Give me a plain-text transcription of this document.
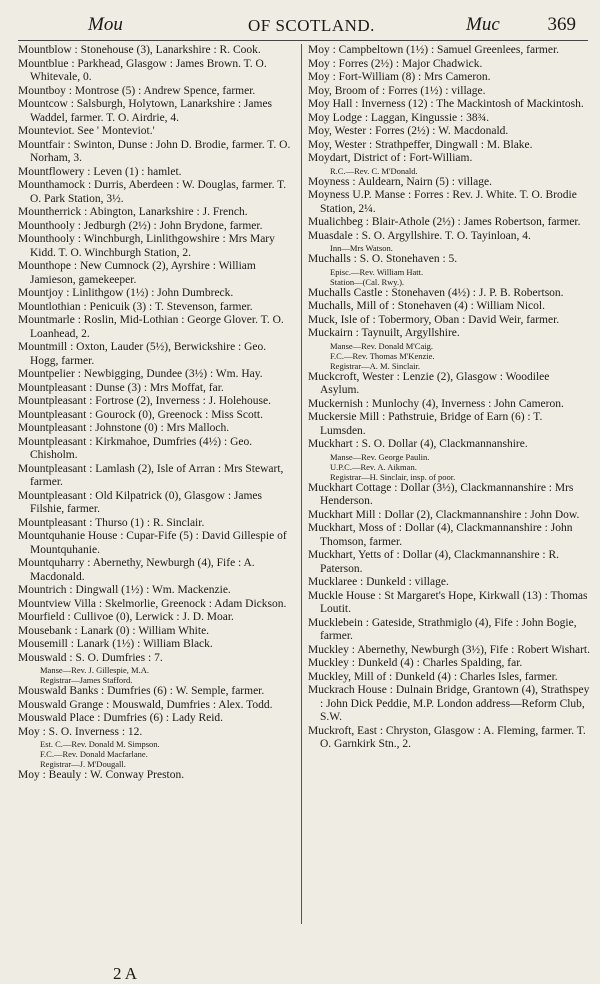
Mou	OF SCOTLAND.	Muc	369

Mountblow : Stonehouse (3), Lanarkshire : R. Cook.

Mountblue : Parkhead, Glasgow : James Brown. T. O. Whitevale, 0.

Mountboy : Montrose (5) : Andrew Spence, farmer.

Mountcow : Salsburgh, Holytown, Lanarkshire : James Waddel, farmer. T. O. Airdrie, 4.

Mounteviot. See ' Monteviot.'

Mountfair : Swinton, Dunse : John D. Brodie, farmer. T. O. Norham, 3.

Mountflowery : Leven (1) : hamlet.

Mounthamock : Durris, Aberdeen : W. Douglas, farmer. T. O. Park Station, 3½.

Mountherrick : Abington, Lanarkshire : J. French.

Mounthooly : Jedburgh (2½) : John Brydone, farmer.

Mounthooly : Winchburgh, Linlithgowshire : Mrs Mary Kidd. T. O. Winchburgh Station, 2.

Mounthope : New Cumnock (2), Ayrshire : William Jamieson, gamekeeper.

Mountjoy : Linlithgow (1½) : John Dumbreck.

Mountlothian : Penicuik (3) : T. Stevenson, farmer.

Mountmarle : Roslin, Mid-Lothian : George Glover. T. O. Loanhead, 2.

Mountmill : Oxton, Lauder (5½), Berwickshire : Geo. Hogg, farmer.

Mountpelier : Newbigging, Dundee (3½) : Wm. Hay.

Mountpleasant : Dunse (3) : Mrs Moffat, far.

Mountpleasant : Fortrose (2), Inverness : J. Holehouse.

Mountpleasant : Gourock (0), Greenock : Miss Scott.

Mountpleasant : Johnstone (0) : Mrs Malloch.

Mountpleasant : Kirkmahoe, Dumfries (4½) : Geo. Chisholm.

Mountpleasant : Lamlash (2), Isle of Arran : Mrs Stewart, farmer.

Mountpleasant : Old Kilpatrick (0), Glasgow : James Filshie, farmer.

Mountpleasant : Thurso (1) : R. Sinclair.

Mountquhanie House : Cupar-Fife (5) : David Gillespie of Mountquhanie.

Mountquharry : Abernethy, Newburgh (4), Fife : A. Macdonald.

Mountrich : Dingwall (1½) : Wm. Mackenzie.

Mountview Villa : Skelmorlie, Greenock : Adam Dickson.

Mourfield : Cullivoe (0), Lerwick : J. D. Moar.

Mousebank : Lanark (0) : William White.

Mousemill : Lanark (1½) : William Black.

Mouswald : S. O. Dumfries : 7.

Manse—Rev. J. Gillespie, M.A.

Registrar—James Stafford.

Mouswald Banks : Dumfries (6) : W. Semple, farmer.

Mouswald Grange : Mouswald, Dumfries : Alex. Todd.

Mouswald Place : Dumfries (6) : Lady Reid.

Moy : S. O. Inverness : 12.

Est. C.—Rev. Donald M. Simpson.

F.C.—Rev. Donald Macfarlane.

Registrar—J. M'Dougall.

Moy : Beauly : W. Conway Preston.

Moy : Campbeltown (1½) : Samuel Greenlees, farmer.

Moy : Forres (2½) : Major Chadwick.

Moy : Fort-William (8) : Mrs Cameron.

Moy, Broom of : Forres (1½) : village.

Moy Hall : Inverness (12) : The Mackintosh of Mackintosh.

Moy Lodge : Laggan, Kingussie : 38¾.

Moy, Wester : Forres (2½) : W. Macdonald.

Moy, Wester : Strathpeffer, Dingwall : M. Blake.

Moydart, District of : Fort-William.

R.C.—Rev. C. M'Donald.

Moyness : Auldearn, Nairn (5) : village.

Moyness U.P. Manse : Forres : Rev. J. White. T. O. Brodie Station, 2¼.

Mualichbeg : Blair-Athole (2½) : James Robertson, farmer.

Muasdale : S. O. Argyllshire. T. O. Tayinloan, 4.

Inn—Mrs Watson.

Muchalls : S. O. Stonehaven : 5.

Episc.—Rev. William Hatt.

Station—(Cal. Rwy.).

Muchalls Castle : Stonehaven (4½) : J. P. B. Robertson.

Muchalls, Mill of : Stonehaven (4) : William Nicol.

Muck, Isle of : Tobermory, Oban : David Weir, farmer.

Muckairn : Taynuilt, Argyllshire.

Manse—Rev. Donald M'Caig.

F.C.—Rev. Thomas M'Kenzie.

Registrar—A. M. Sinclair.

Muckcroft, Wester : Lenzie (2), Glasgow : Woodilee Asylum.

Muckernish : Munlochy (4), Inverness : John Cameron.

Muckersie Mill : Pathstruie, Bridge of Earn (6) : T. Lumsden.

Muckhart : S. O. Dollar (4), Clackmannanshire.

Manse—Rev. George Paulin.

U.P.C.—Rev. A. Aikman.

Registrar—H. Sinclair, insp. of poor.

Muckhart Cottage : Dollar (3½), Clackmannanshire : Mrs Henderson.

Muckhart Mill : Dollar (2), Clackmannanshire : John Dow.

Muckhart, Moss of : Dollar (4), Clackmannanshire : John Thomson, farmer.

Muckhart, Yetts of : Dollar (4), Clackmannanshire : R. Paterson.

Mucklaree : Dunkeld : village.

Muckle House : St Margaret's Hope, Kirkwall (13) : Thomas Loutit.

Mucklebein : Gateside, Strathmiglo (4), Fife : John Bogie, farmer.

Muckley : Abernethy, Newburgh (3½), Fife : Robert Wishart.

Muckley : Dunkeld (4) : Charles Spalding, far.

Muckley, Mill of : Dunkeld (4) : Charles Isles, farmer.

Muckrach House : Dulnain Bridge, Grantown (4), Strathspey : John Dick Peddie, M.P. London address—Reform Club, S.W.

Muckroft, East : Chryston, Glasgow : A. Fleming, farmer. T. O. Garnkirk Stn., 2.

2 A
